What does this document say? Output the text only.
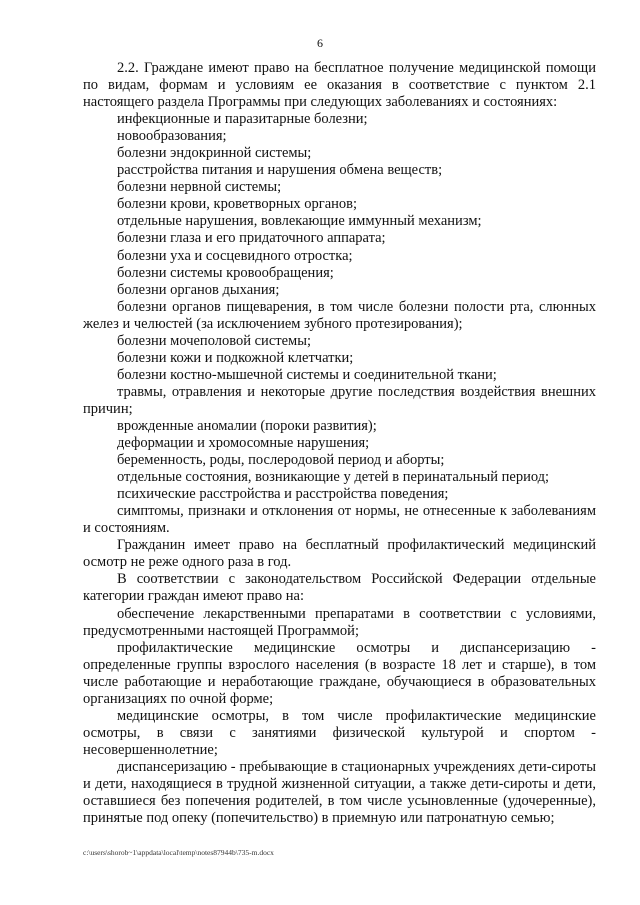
6

2.2. Граждане имеют право на бесплатное получение медицинской помощи по видам, формам и условиям ее оказания в соответствие с пунктом 2.1 настоящего раздела Программы при следующих заболеваниях и состояниях:

инфекционные и паразитарные болезни;

новообразования;

болезни эндокринной системы;

расстройства питания и нарушения обмена веществ;

болезни нервной системы;

болезни крови, кроветворных органов;

отдельные нарушения, вовлекающие иммунный механизм;

болезни глаза и его придаточного аппарата;

болезни уха и сосцевидного отростка;

болезни системы кровообращения;

болезни органов дыхания;

болезни органов пищеварения, в том числе болезни полости рта, слюнных желез и челюстей (за исключением зубного протезирования);

болезни мочеполовой системы;

болезни кожи и подкожной клетчатки;

болезни костно-мышечной системы и соединительной ткани;

травмы, отравления и некоторые другие последствия воздействия внешних причин;

врожденные аномалии (пороки развития);

деформации и хромосомные нарушения;

беременность, роды, послеродовой период и аборты;

отдельные состояния, возникающие у детей в перинатальный период;

психические расстройства и расстройства поведения;

симптомы, признаки и отклонения от нормы, не отнесенные к заболеваниям и состояниям.

Гражданин имеет право на бесплатный профилактический медицинский осмотр не реже одного раза в год.

В соответствии с законодательством Российской Федерации отдельные категории граждан имеют право на:

обеспечение лекарственными препаратами в соответствии с условиями, предусмотренными настоящей Программой;

профилактические медицинские осмотры и диспансеризацию - определенные группы взрослого населения (в возрасте 18 лет и старше), в том числе работающие и неработающие граждане, обучающиеся в образовательных организациях по очной форме;

медицинские осмотры, в том числе профилактические медицинские осмотры, в связи с занятиями физической культурой и спортом - несовершеннолетние;

диспансеризацию - пребывающие в стационарных учреждениях дети-сироты и дети, находящиеся в трудной жизненной ситуации, а также дети-сироты и дети, оставшиеся без попечения родителей, в том числе усыновленные (удочеренные), принятые под опеку (попечительство) в приемную или патронатную семью;

c:\users\shorob~1\appdata\local\temp\notes87944b\735-m.docx
